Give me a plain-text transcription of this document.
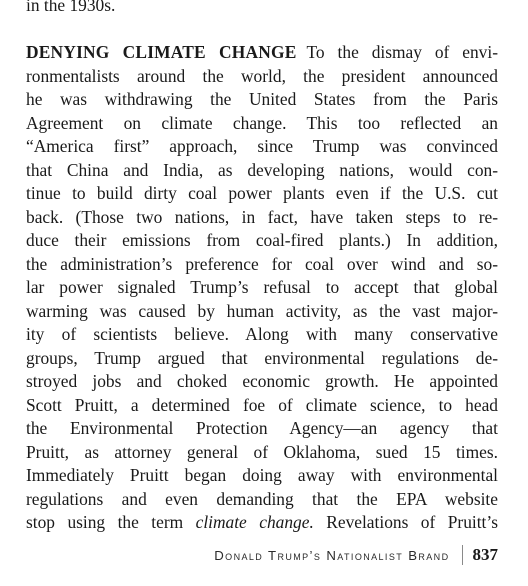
in the 1930s.
DENYING CLIMATE CHANGE To the dismay of envi-
ronmentalists around the world, the president announced
he was withdrawing the United States from the Paris
Agreement on climate change. This too reflected an
“America first” approach, since Trump was convinced
that China and India, as developing nations, would con-
tinue to build dirty coal power plants even if the U.S. cut
back. (Those two nations, in fact, have taken steps to re-
duce their emissions from coal-fired plants.) In addition,
the administration’s preference for coal over wind and so-
lar power signaled Trump’s refusal to accept that global
warming was caused by human activity, as the vast major-
ity of scientists believe. Along with many conservative
groups, Trump argued that environmental regulations de-
stroyed jobs and choked economic growth. He appointed
Scott Pruitt, a determined foe of climate science, to head
the Environmental Protection Agency—an agency that
Pruitt, as attorney general of Oklahoma, sued 15 times.
Immediately Pruitt began doing away with environmental
regulations and even demanding that the EPA website
stop using the term climate change. Revelations of Pruitt’s
Donald Trump’s Nationalist Brand 837
